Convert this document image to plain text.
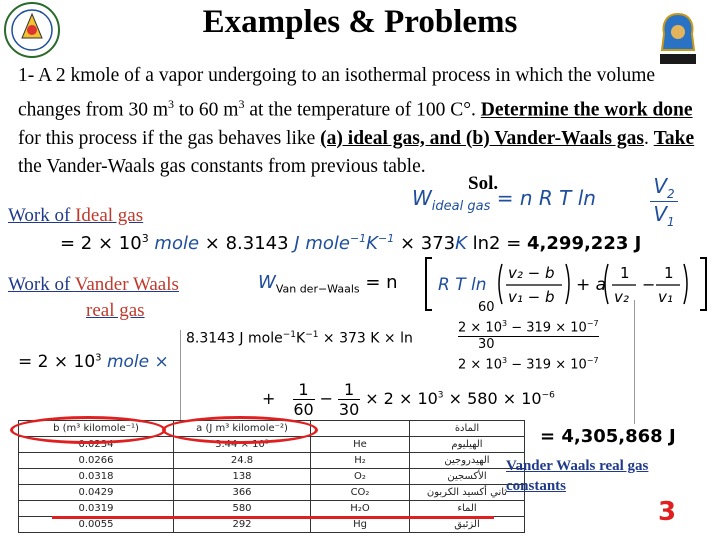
Examples & Problems
1- A 2 kmole of a vapor undergoing to an isothermal process in which the volume changes from 30 $m^3$ to 60 $m^3$ at the temperature of 100 C°. Determine the work done for this process if the gas behaves like (a) ideal gas, and (b) Vander-Waals gas. Take the Vander-Waals gas constants from previous table.
Sol.
$W_{ideal gas} = n$ R T ln	$V_2$
$V_1$
Work of Ideal gas
= $2 \times 10^3$ mole × 8.3143 J $mole^{-1}K^{-1} \times 373K$ ln2 = 4,299,223 J
Work of Vander Waals
real gas
$W_{Van der-Waals} = n$ R T ln
v₂ − b
v₁ − b
+ a
1
v₂
−
1
v₁
8.3143 J $mole^{-1}K^{-1} \times 373$ K × ln
60
$2 \times 10^3 - 319 \times 10^{-7}$
30
$2 \times 10^3 - 319 \times 10^{-7}$
= $2 \times 10^3$ mole ×
+ $\frac{1}{60} - \frac{1}{30} \times 2 \times 10^3 \times 580 \times 10^{-6}$
= 4,305,868 J
b (m³ kilomole⁻¹)	a (J m³ kilomole⁻²)		المادة
0.0234	3.44 × 10³	He	الهيليوم
0.0266	24.8	H₂	الهيدروجين
0.0318	138	O₂	الأكسجين
0.0429	366	CO₂	ثاني أكسيد الكربون
0.0319	580	H₂O	الماء
0.0055	292	Hg	الزئبق
Vander Waals real gas constants
3
